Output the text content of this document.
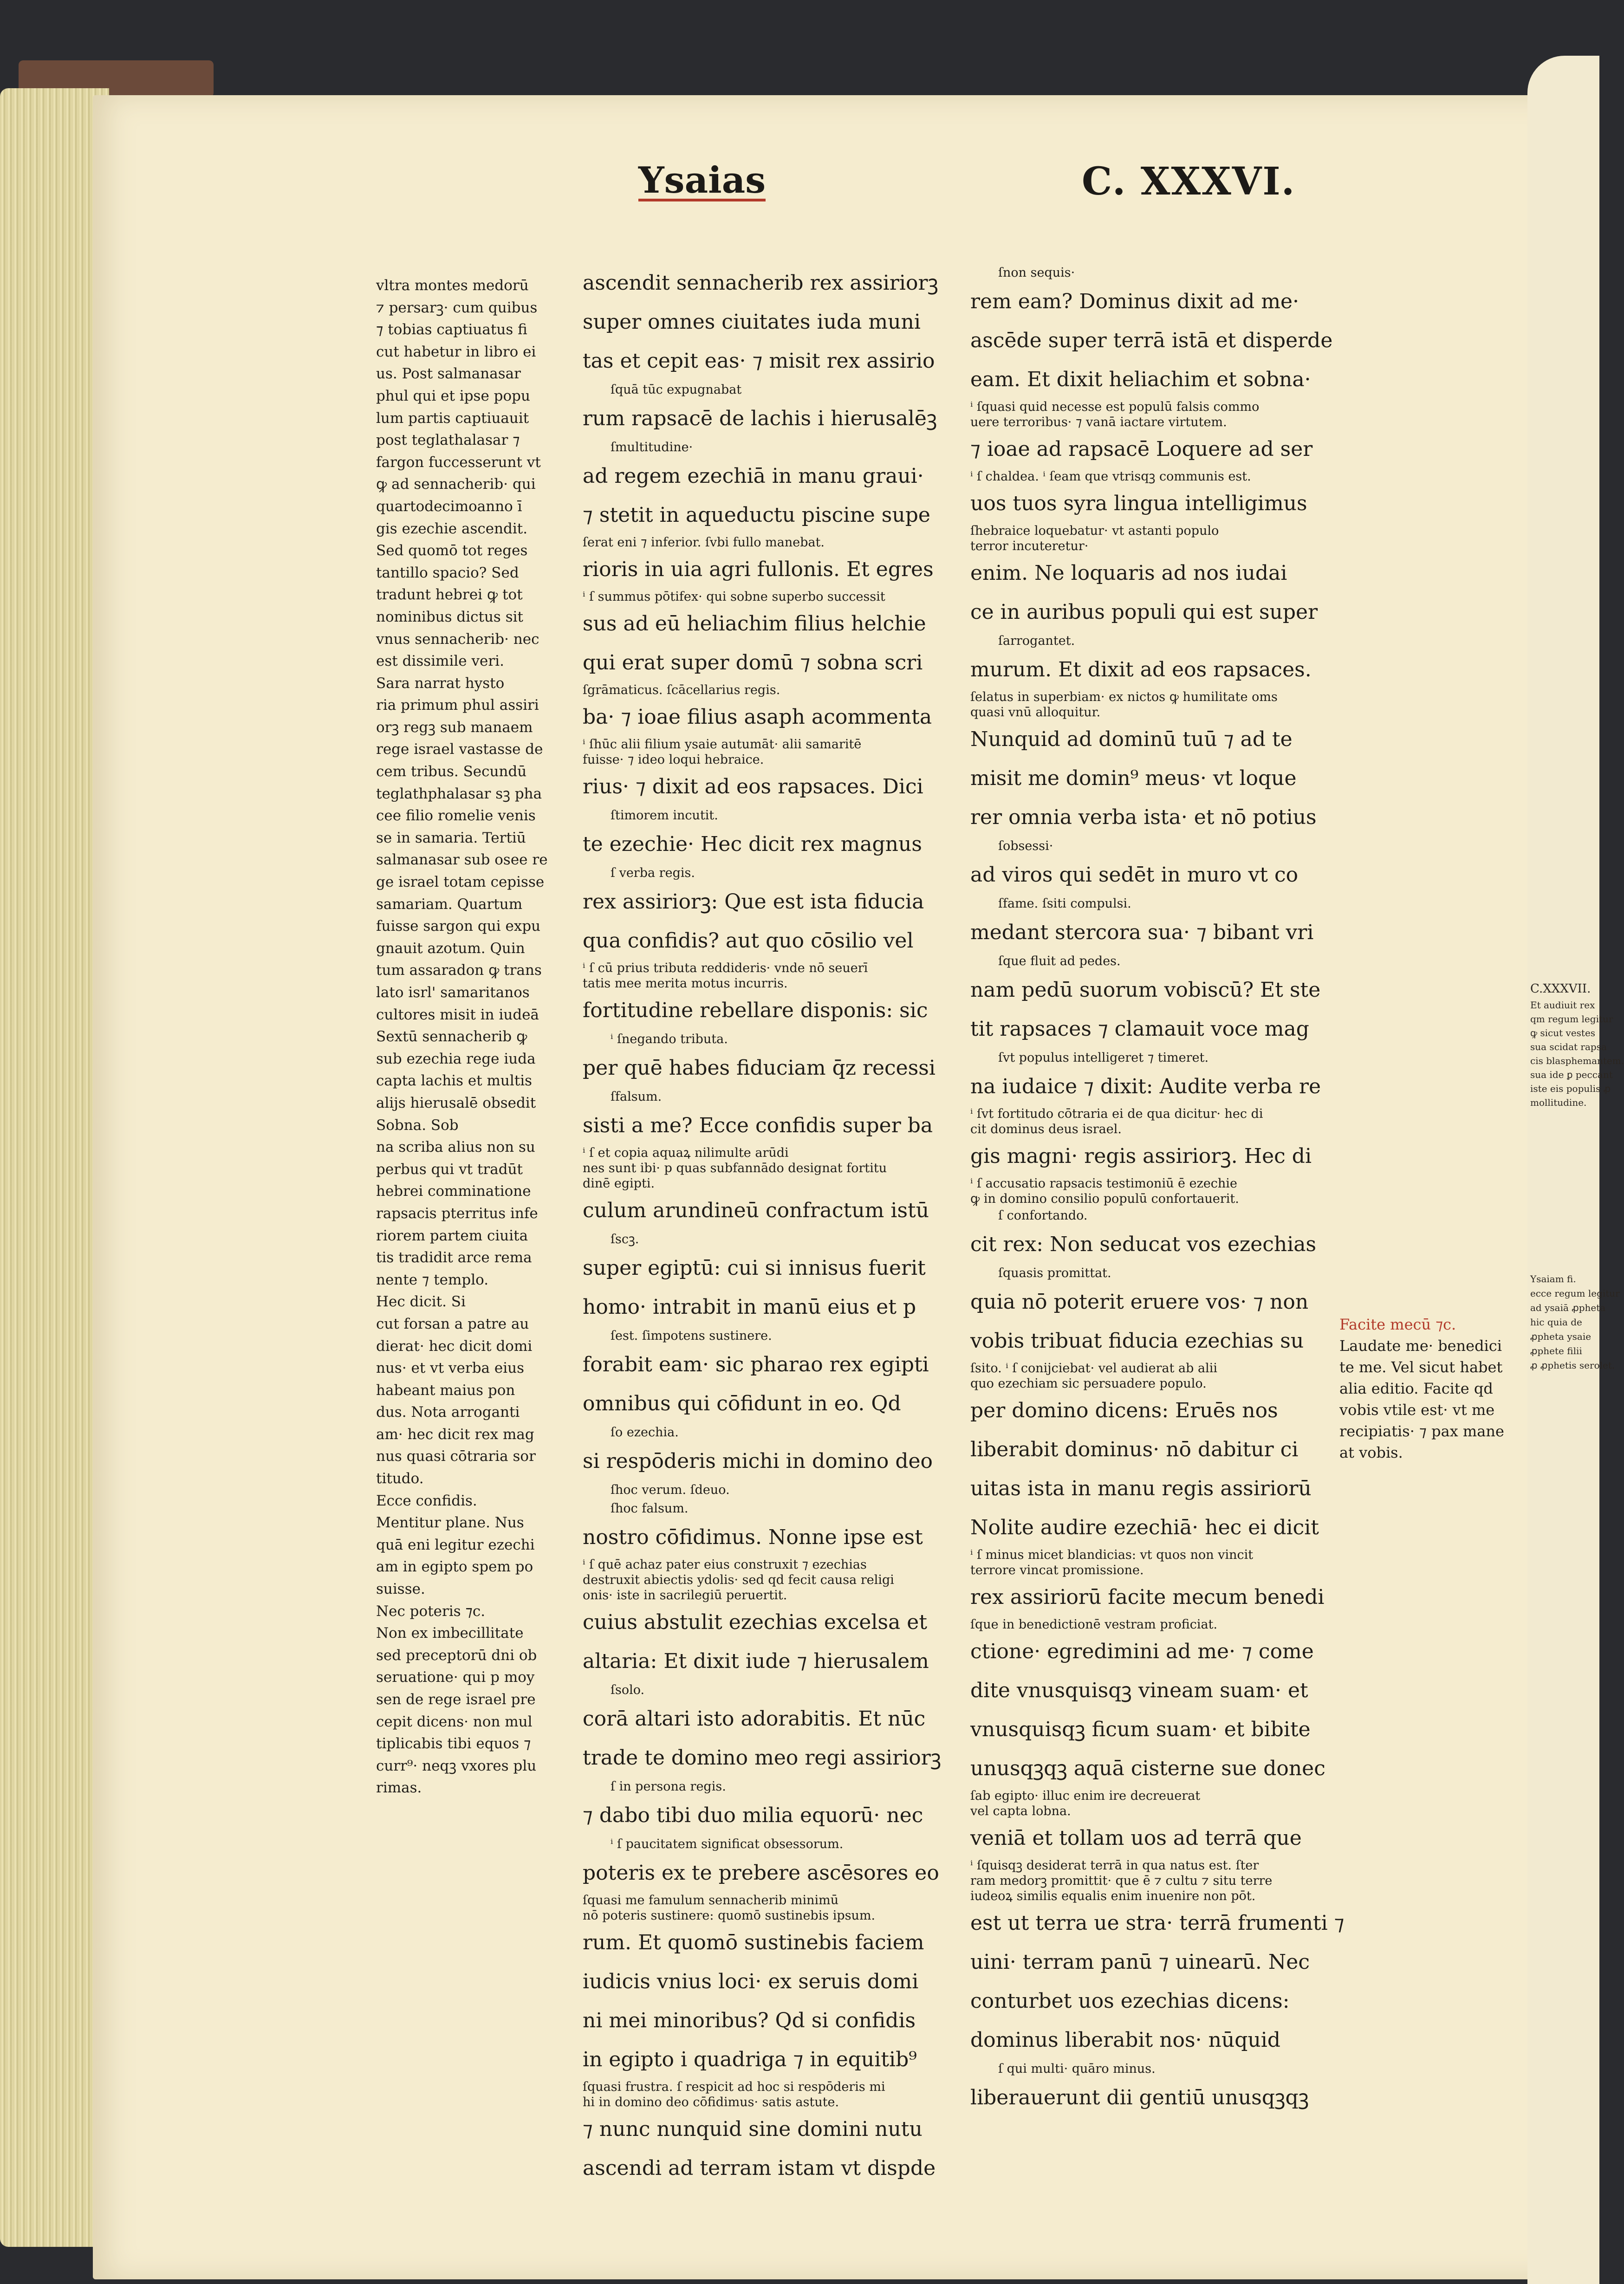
Ysaias	C. XXXVI.
vltra montes medorū
⁊ persarꝫ· cum quibus
⁊ tobias captiuatus fi
cut habetur in libro ei
us. Post salmanasar
phul qui et ipse popu
lum partis captiuauit
post teglathalasar ⁊
fargon fuccesserunt vt
ꝙ ad sennacherib· qui
quartodecimoanno ī
gis ezechie ascendit.
Sed quomō tot reges
tantillo spacio? Sed
tradunt hebrei ꝙ tot
nominibus dictus sit
vnus sennacherib· nec
est dissimile veri.
Sara narrat hysto
ria primum phul assiri
orꝫ regꝫ sub manaem
rege israel vastasse de
cem tribus. Secundū
teglathphalasar sꝫ pha
cee filio romelie venis
se in samaria. Tertiū
salmanasar sub osee re
ge israel totam cepisse
samariam. Quartum
fuisse sargon qui expu
gnauit azotum. Quin
tum assaradon ꝙ trans
lato isrl' samaritanos
cultores misit in iudeā
Sextū sennacherib ꝙ
sub ezechia rege iuda
capta lachis et multis
alijs hierusalē obsedit
Sobna. Sob
na scriba alius non su
perbus qui vt tradūt
hebrei comminatione
rapsacis pterritus infe
riorem partem ciuita
tis tradidit arce rema
nente ⁊ templo.
Hec dicit. Si
cut forsan a patre au
dierat· hec dicit domi
nus· et vt verba eius
habeant maius pon
dus. Nota arroganti
am· hec dicit rex mag
nus quasi cōtraria sor
titudo.
Ecce confidis.
Mentitur plane. Nus
quā eni legitur ezechi
am in egipto spem po
suisse.
Nec poteris ⁊c.
Non ex imbecillitate
sed preceptorū dni ob
seruatione· qui p moy
sen de rege israel pre
cepit dicens· non mul
tiplicabis tibi equos ⁊
curr⁹· neqꝫ vxores plu
rimas.
ascendit sennacherib rex assiriorꝫ
super omnes ciuitates iuda muni
tas et cepit eas· ⁊ misit rex assirio
ſquā tūc expugnabat
rum rapsacē de lachis i hierusalēꝫ
ſmultitudine·
ad regem ezechiā in manu graui·
⁊ stetit in aqueductu piscine supe
ſerat eni ⁊ inferior. ſvbi fullo manebat.
rioris in uia agri fullonis. Et egres
ⁱ ſ summus pōtifex· qui sobne superbo successit
sus ad eū heliachim filius helchie
qui erat super domū ⁊ sobna scri
ſgrāmaticus. ſcācellarius regis.
ba· ⁊ ioae filius asaph acommenta
ⁱ ſhūc alii filium ysaie autumāt· alii samaritē
fuisse· ⁊ ideo loqui hebraice.
rius· ⁊ dixit ad eos rapsaces. Dici
ſtimorem incutit.
te ezechie· Hec dicit rex magnus
ſ verba regis.
rex assiriorꝫ: Que est ista fiducia
qua confidis? aut quo cōsilio vel
ⁱ ſ cū prius tributa reddideris· vnde nō seuerī
tatis mee merita motus incurris.
fortitudine rebellare disponis: sic
ⁱ ſnegando tributa.
per quē habes fiduciam q̄z recessi
ſfalsum.
sisti a me? Ecce confidis super ba
ⁱ ſ et copia aquaꝝ nilimulte arūdi
nes sunt ibi· p quas subfannādo designat fortitu
dinē egipti.
culum arundineū confractum istū
ſscꝫ.
super egiptū: cui si innisus fuerit
homo· intrabit in manū eius et p
ſest. ſimpotens sustinere.
forabit eam· sic pharao rex egipti
omnibus qui cōfidunt in eo. Qd
ſo ezechia.
si respōderis michi in domino deo
ſhoc verum. ſdeuo.
ſhoc falsum.
nostro cōfidimus. Nonne ipse est
ⁱ ſ quē achaz pater eius construxit ⁊ ezechias
destruxit abiectis ydolis· sed qd fecit causa religi
onis· iste in sacrilegiū peruertit.
cuius abstulit ezechias excelsa et
altaria: Et dixit iude ⁊ hierusalem
ſsolo.
corā altari isto adorabitis. Et nūc
trade te domino meo regi assiriorꝫ
ſ in persona regis.
⁊ dabo tibi duo milia equorū· nec
ⁱ ſ paucitatem significat obsessorum.
poteris ex te prebere ascēsores eo
ſquasi me famulum sennacherib minimū
nō poteris sustinere: quomō sustinebis ipsum.
rum. Et quomō sustinebis faciem
iudicis vnius loci· ex seruis domi
ni mei minoribus? Qd si confidis
in egipto i quadriga ⁊ in equitib⁹
ſquasi frustra. ſ respicit ad hoc si respōderis mi
hi in domino deo cōfidimus· satis astute.
⁊ nunc nunquid sine domini nutu
ascendi ad terram istam vt dispde
ſnon sequis·
rem eam? Dominus dixit ad me·
ascēde super terrā istā et disperde
eam. Et dixit heliachim et sobna·
ⁱ ſquasi quid necesse est populū falsis commo
uere terroribus· ⁊ vanā iactare virtutem.
⁊ ioae ad rapsacē Loquere ad ser
ⁱ ſ chaldea. ⁱ ſeam que vtrisqꝫ communis est.
uos tuos syra lingua intelligimus
ſhebraice loquebatur· vt astanti populo
terror incuteretur·
enim. Ne loquaris ad nos iudai
ce in auribus populi qui est super
ſarrogantet.
murum. Et dixit ad eos rapsaces.
ſelatus in superbiam· ex nictos ꝙ humilitate oms
quasi vnū alloquitur.
Nunquid ad dominū tuū ⁊ ad te
misit me domin⁹ meus· vt loque
rer omnia verba ista· et nō potius
ſobsessi·
ad viros qui sedēt in muro vt co
ſfame. ſsiti compulsi.
medant stercora sua· ⁊ bibant vri
ſque fluit ad pedes.
nam pedū suorum vobiscū? Et ste
tit rapsaces ⁊ clamauit voce mag
ſvt populus intelligeret ⁊ timeret.
na iudaice ⁊ dixit: Audite verba re
ⁱ ſvt fortitudo cōtraria ei de qua dicitur· hec di
cit dominus deus israel.
gis magni· regis assiriorꝫ. Hec di
ⁱ ſ accusatio rapsacis testimoniū ē ezechie
ꝙ in domino consilio populū confortauerit.
ſ confortando.
cit rex: Non seducat vos ezechias
ſquasis promittat.
quia nō poterit eruere vos· ⁊ non
vobis tribuat fiducia ezechias su
ſsito. ⁱ ſ conijciebat· vel audierat ab alii
quo ezechiam sic persuadere populo.
per domino dicens: Eruēs nos
liberabit dominus· nō dabitur ci
uitas ista in manu regis assiriorū
Nolite audire ezechiā· hec ei dicit
ⁱ ſ minus micet blandicias: vt quos non vincit
terrore vincat promissione.
rex assiriorū facite mecum benedi
ſque in benedictionē vestram proficiat.
ctione· egredimini ad me· ⁊ come
dite vnusquisqꝫ vineam suam· et
vnusquisqꝫ ficum suam· et bibite
unusqꝫqꝫ aquā cisterne sue donec
ſab egipto· illuc enim ire decreuerat
vel capta lobna.
veniā et tollam uos ad terrā que
ⁱ ſquisqꝫ desiderat terrā in qua natus est. ſter
ram medorꝫ promittit· que ē ⁊ cultu ⁊ situ terre
iudeoꝝ similis equalis enim inuenire non pōt.
est ut terra ue stra· terrā frumenti ⁊
uini· terram panū ⁊ uinearū. Nec
conturbet uos ezechias dicens:
dominus liberabit nos· nūquid
ſ qui multi· quāro minus.
liberauerunt dii gentiū unusqꝫqꝫ
Facite mecū ⁊c.
Laudate me· benedici
te me. Vel sicut habet
alia editio. Facite qd
vobis vtile est· vt me
recipiatis· ⁊ pax mane
at vobis.
C.XXXVII.
Et audiuit rex
qm regum legitur
ꝙ sicut vestes
sua scidat rapsa
cis blasphemantem.
sua ide ꝑ peccant
iste eis populis ꝓ
mollitudine.
Ysaiam fi.
ecce regum legitur
ad ysaiā ꝓpheta
hic quia de
ꝓpheta ysaie
ꝓphete filii
ꝓ ꝓphetis serolet.
